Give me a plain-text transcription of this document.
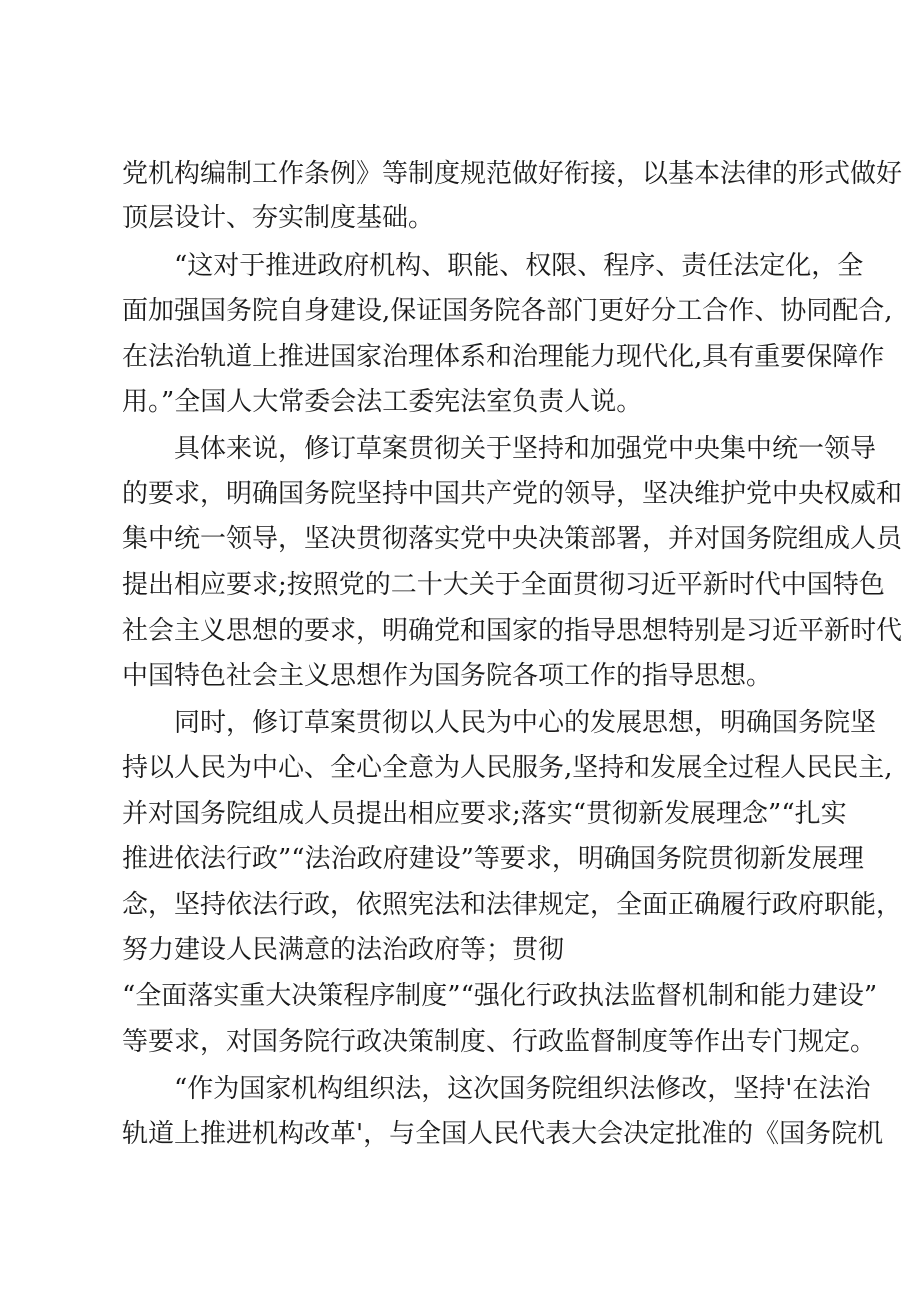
党机构编制工作条例》等制度规范做好衔接，以基本法律的形式做好
顶层设计、夯实制度基础。
“这对于推进政府机构、职能、权限、程序、责任法定化，全
面加强国务院自身建设,保证国务院各部门更好分工合作、协同配合,
在法治轨道上推进国家治理体系和治理能力现代化,具有重要保障作
用。”全国人大常委会法工委宪法室负责人说。
具体来说，修订草案贯彻关于坚持和加强党中央集中统一领导
的要求，明确国务院坚持中国共产党的领导，坚决维护党中央权威和
集中统一领导，坚决贯彻落实党中央决策部署，并对国务院组成人员
提出相应要求;按照党的二十大关于全面贯彻习近平新时代中国特色
社会主义思想的要求，明确党和国家的指导思想特别是习近平新时代
中国特色社会主义思想作为国务院各项工作的指导思想。
同时，修订草案贯彻以人民为中心的发展思想，明确国务院坚
持以人民为中心、全心全意为人民服务,坚持和发展全过程人民民主,
并对国务院组成人员提出相应要求;落实“贯彻新发展理念”“扎实
推进依法行政”“法治政府建设”等要求，明确国务院贯彻新发展理
念，坚持依法行政，依照宪法和法律规定，全面正确履行政府职能，
努力建设人民满意的法治政府等；贯彻
“全面落实重大决策程序制度”“强化行政执法监督机制和能力建设”
等要求，对国务院行政决策制度、行政监督制度等作出专门规定。
“作为国家机构组织法，这次国务院组织法修改，坚持'在法治
轨道上推进机构改革'，与全国人民代表大会决定批准的《国务院机
